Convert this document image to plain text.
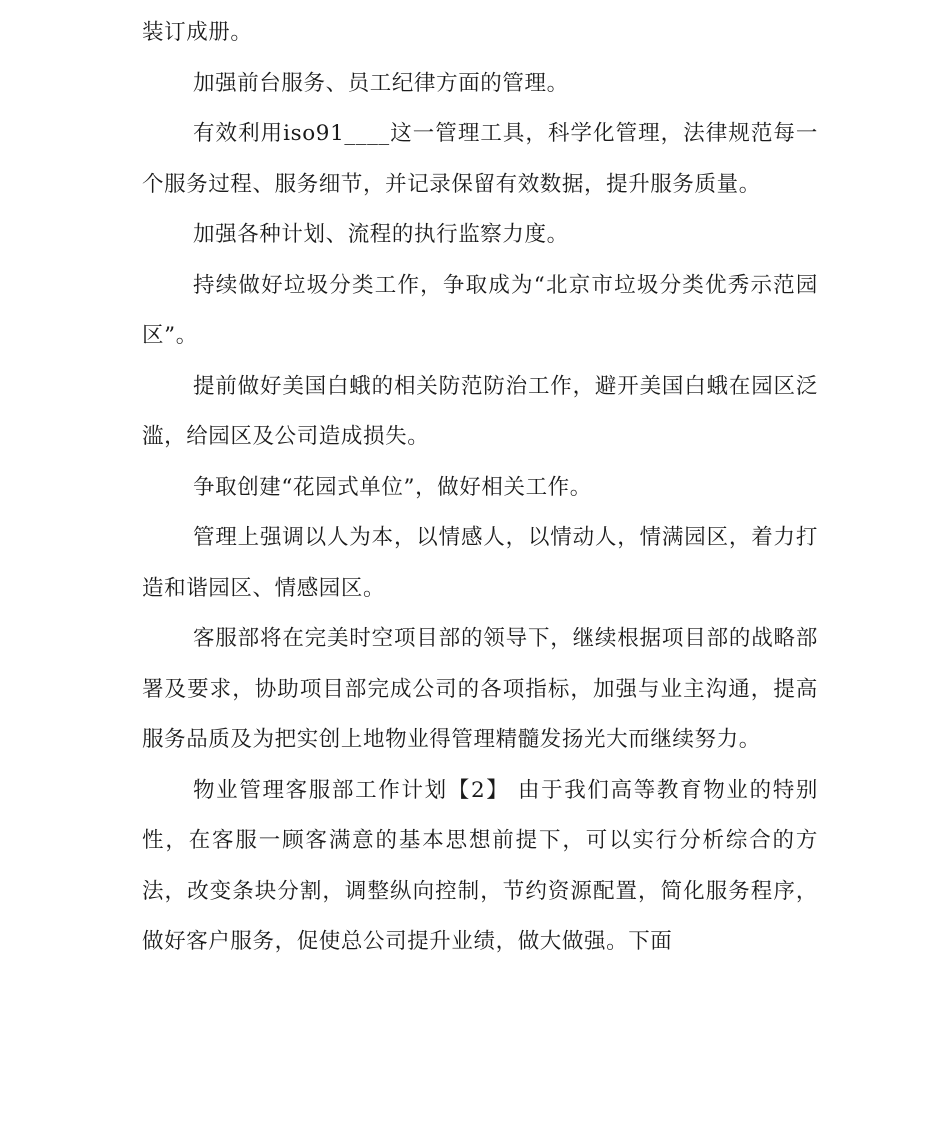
装订成册。

加强前台服务、员工纪律方面的管理。

有效利用iso91____这一管理工具，科学化管理，法律规范每一个服务过程、服务细节，并记录保留有效数据，提升服务质量。

加强各种计划、流程的执行监察力度。

持续做好垃圾分类工作，争取成为“北京市垃圾分类优秀示范园区”。

提前做好美国白蛾的相关防范防治工作，避开美国白蛾在园区泛滥，给园区及公司造成损失。

争取创建“花园式单位”，做好相关工作。

管理上强调以人为本，以情感人，以情动人，情满园区，着力打造和谐园区、情感园区。

客服部将在完美时空项目部的领导下，继续根据项目部的战略部署及要求，协助项目部完成公司的各项指标，加强与业主沟通，提高服务品质及为把实创上地物业得管理精髓发扬光大而继续努力。

物业管理客服部工作计划【2】 由于我们高等教育物业的特别性，在客服一顾客满意的基本思想前提下，可以实行分析综合的方法，改变条块分割，调整纵向控制，节约资源配置，简化服务程序，做好客户服务，促使总公司提升业绩，做大做强。下面
